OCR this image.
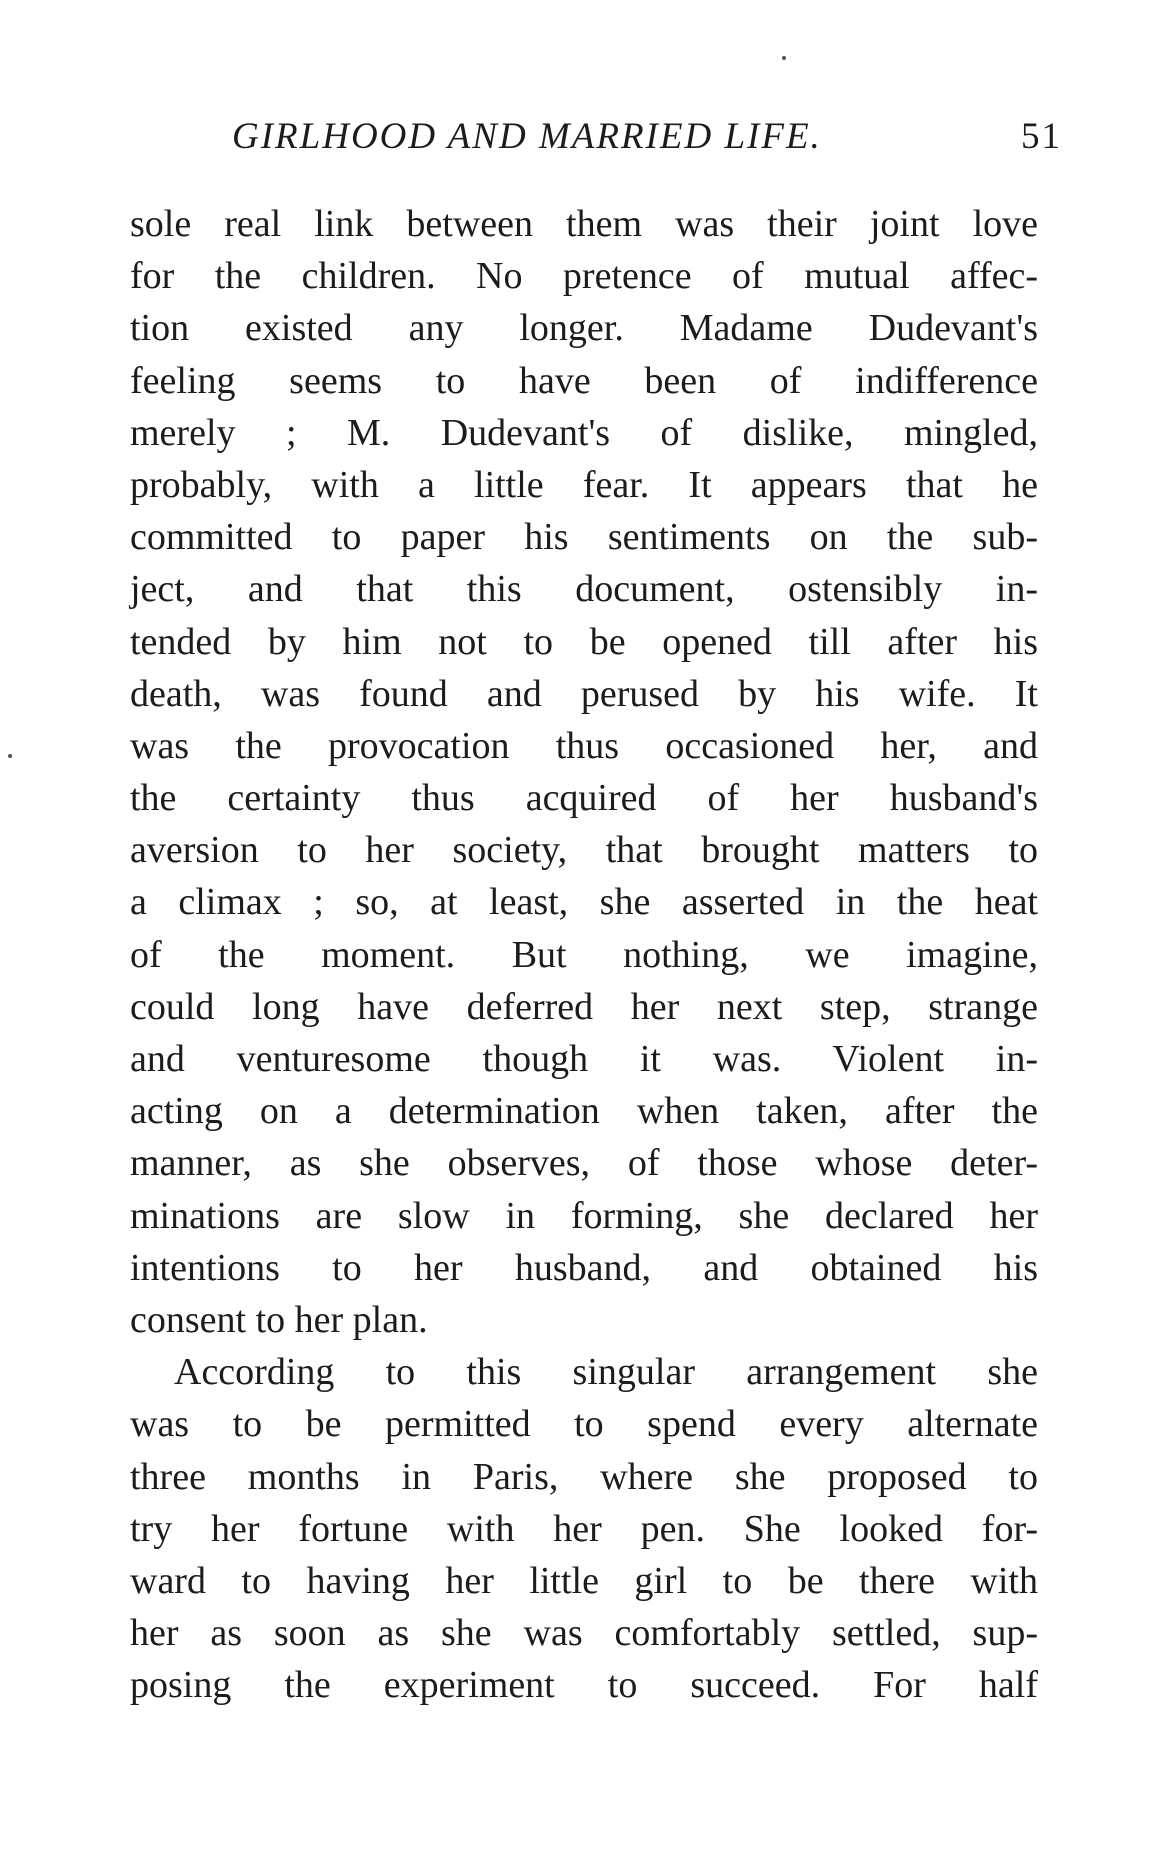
GIRLHOOD AND MARRIED LIFE.	51
sole real link between them was their joint love
for the children. No pretence of mutual affec-
tion existed any longer. Madame Dudevant's
feeling seems to have been of indifference
merely ; M. Dudevant's of dislike, mingled,
probably, with a little fear. It appears that he
committed to paper his sentiments on the sub-
ject, and that this document, ostensibly in-
tended by him not to be opened till after his
death, was found and perused by his wife. It
was the provocation thus occasioned her, and
the certainty thus acquired of her husband's
aversion to her society, that brought matters to
a climax ; so, at least, she asserted in the heat
of the moment. But nothing, we imagine,
could long have deferred her next step, strange
and venturesome though it was. Violent in-
acting on a determination when taken, after the
manner, as she observes, of those whose deter-
minations are slow in forming, she declared her
intentions to her husband, and obtained his
consent to her plan.
According to this singular arrangement she
was to be permitted to spend every alternate
three months in Paris, where she proposed to
try her fortune with her pen. She looked for-
ward to having her little girl to be there with
her as soon as she was comfortably settled, sup-
posing the experiment to succeed. For half
